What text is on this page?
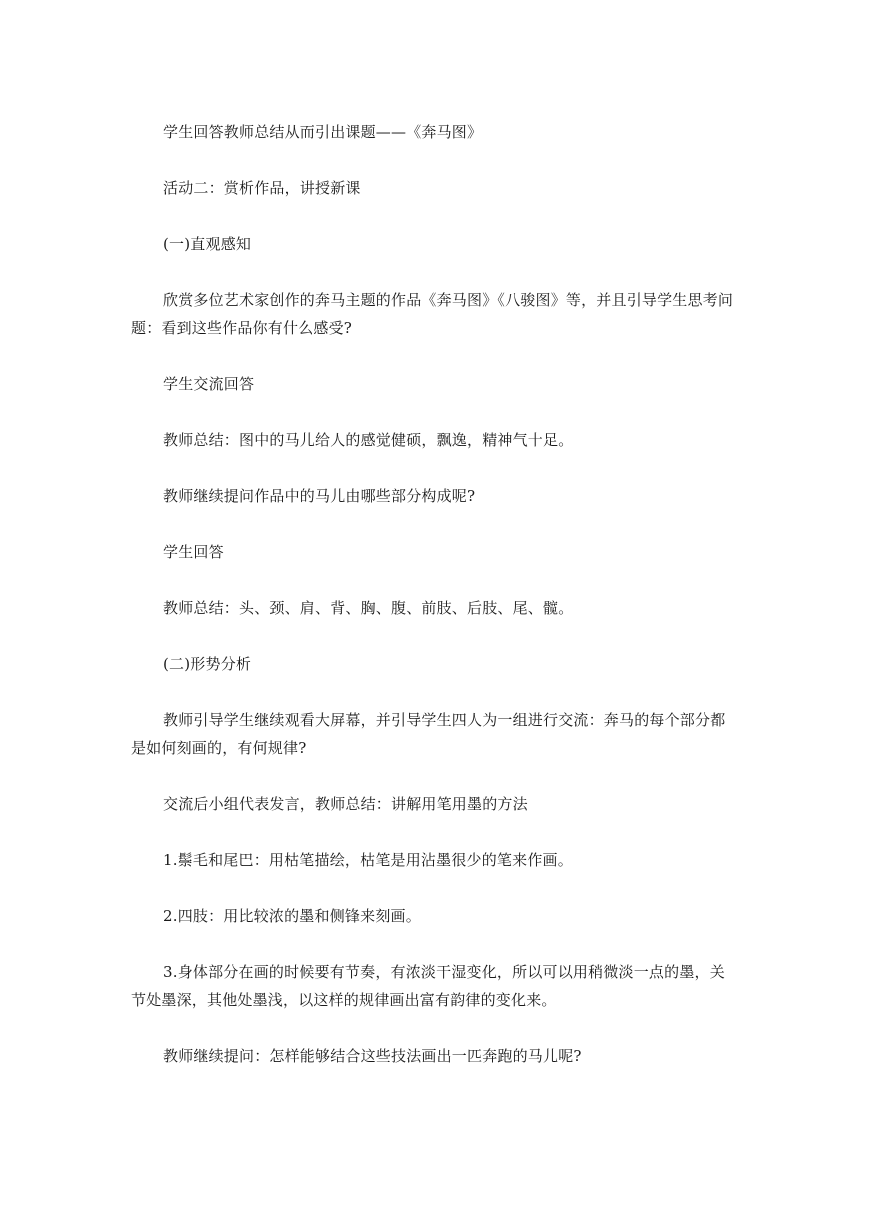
学生回答教师总结从而引出课题——《奔马图》

活动二：赏析作品，讲授新课

(一)直观感知

欣赏多位艺术家创作的奔马主题的作品《奔马图》《八骏图》等，并且引导学生思考问题：看到这些作品你有什么感受?

学生交流回答

教师总结：图中的马儿给人的感觉健硕，飘逸，精神气十足。

教师继续提问作品中的马儿由哪些部分构成呢?

学生回答

教师总结：头、颈、肩、背、胸、腹、前肢、后肢、尾、髋。

(二)形势分析

教师引导学生继续观看大屏幕，并引导学生四人为一组进行交流：奔马的每个部分都是如何刻画的，有何规律?

交流后小组代表发言，教师总结：讲解用笔用墨的方法

1.鬃毛和尾巴：用枯笔描绘，枯笔是用沾墨很少的笔来作画。

2.四肢：用比较浓的墨和侧锋来刻画。

3.身体部分在画的时候要有节奏，有浓淡干湿变化，所以可以用稍微淡一点的墨，关节处墨深，其他处墨浅，以这样的规律画出富有韵律的变化来。

教师继续提问：怎样能够结合这些技法画出一匹奔跑的马儿呢?
